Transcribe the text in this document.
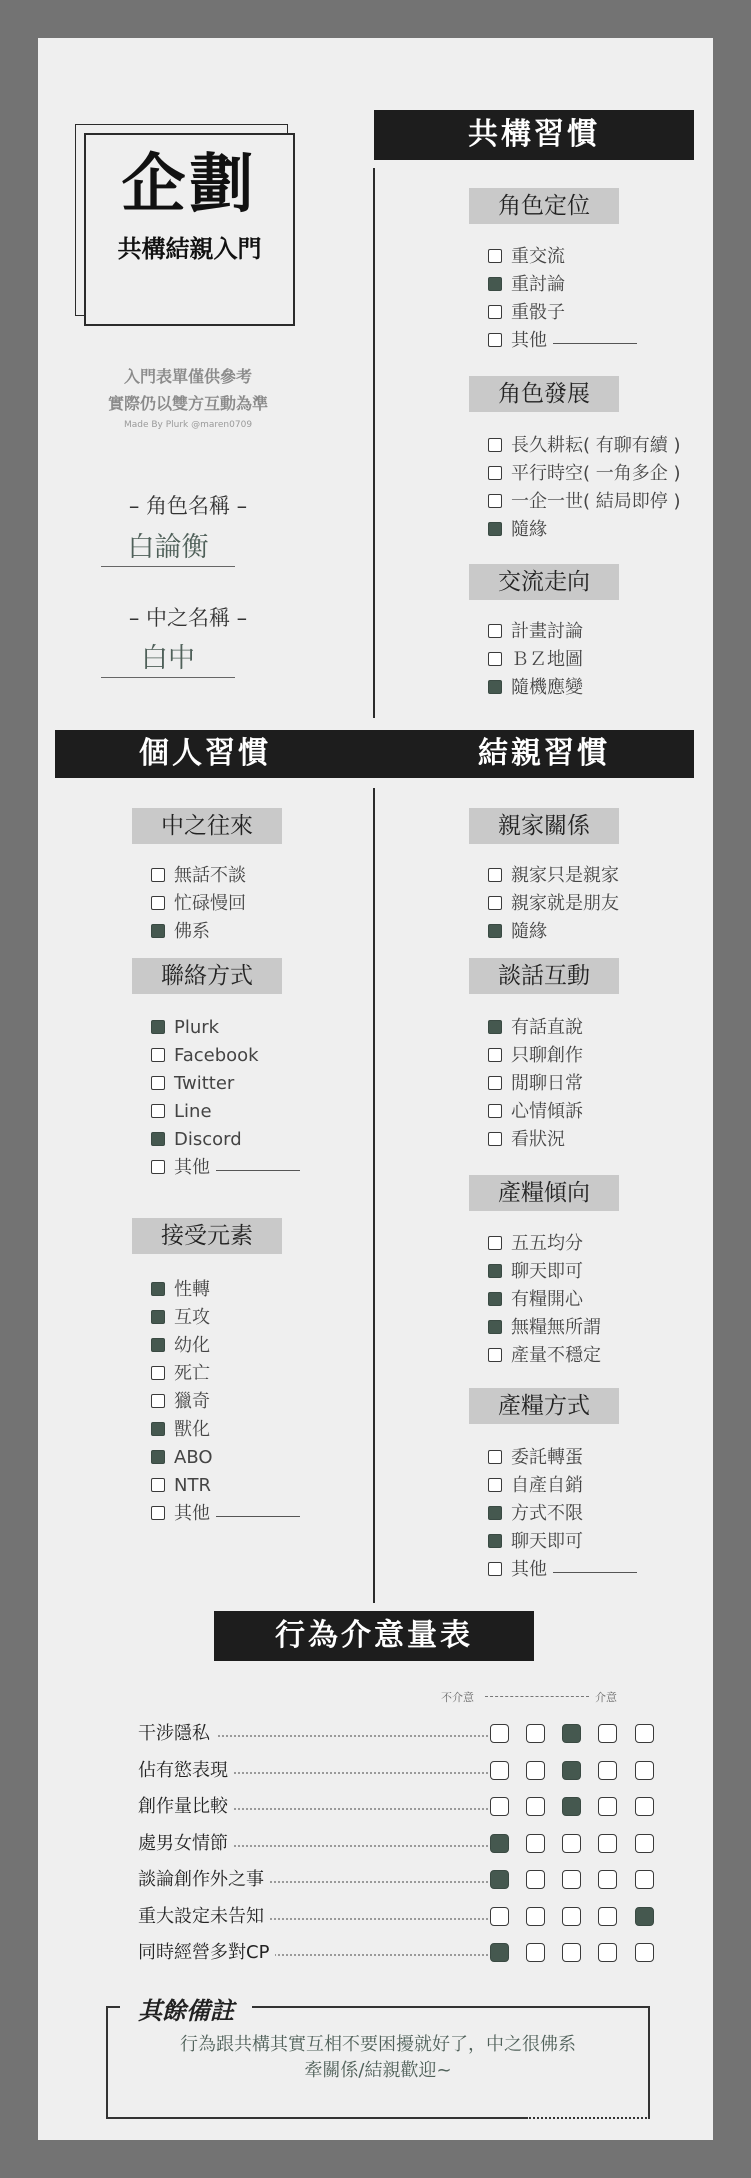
企劃
共構結親入門
入門表單僅供參考
實際仍以雙方互動為準
Made By Plurk @maren0709
– 角色名稱 –
白論衡
– 中之名稱 –
白中
共構習慣
角色定位
角色發展
交流走向
個人習慣	結親習慣
中之往來
聯絡方式
接受元素
親家關係
談話互動
產糧傾向
產糧方式
行為介意量表
不介意	介意
干涉隱私
佔有慾表現
創作量比較
處男女情節
談論創作外之事
重大設定未告知
同時經營多對CP
其餘備註
行為跟共構其實互相不要困擾就好了，中之很佛系
牽關係/結親歡迎~
重交流
重討論
重骰子
其他
長久耕耘( 有聊有續 )
平行時空( 一角多企 )
一企一世( 結局即停 )
隨緣
計畫討論
ＢＺ地圖
隨機應變
無話不談
忙碌慢回
佛系
Plurk
Facebook
Twitter
Line
Discord
其他
性轉
互攻
幼化
死亡
獵奇
獸化
ABO
NTR
其他
親家只是親家
親家就是朋友
隨緣
有話直說
只聊創作
閒聊日常
心情傾訴
看狀況
五五均分
聊天即可
有糧開心
無糧無所謂
產量不穩定
委託轉蛋
自產自銷
方式不限
聊天即可
其他
